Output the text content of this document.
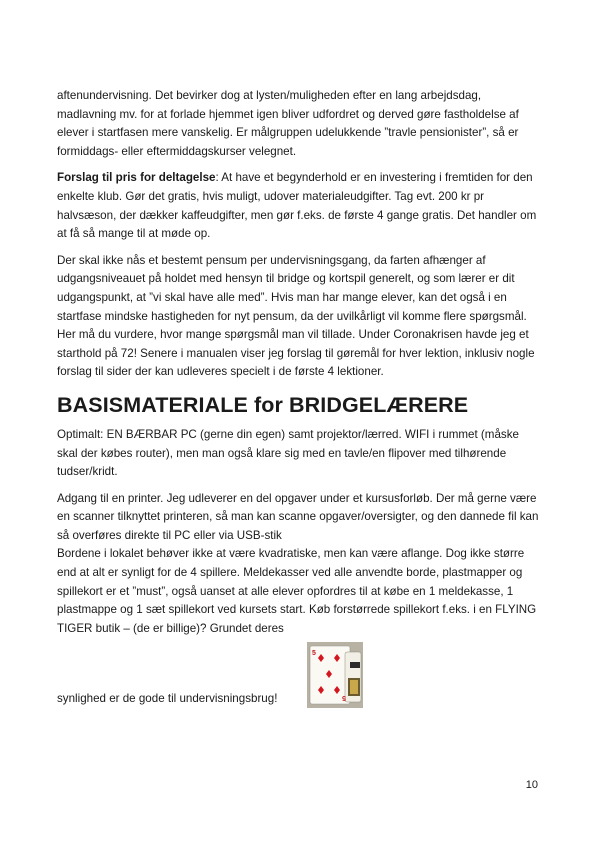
aftenundervisning. Det bevirker dog at lysten/muligheden efter en lang arbejdsdag, madlavning mv. for at forlade hjemmet igen bliver udfordret og derved gøre fastholdelse af elever i startfasen mere vanskelig. Er målgruppen udelukkende ”travle pensionister”, så er formiddags- eller eftermiddagskurser velegnet.

Forslag til pris for deltagelse: At have et begynderhold er en investering i fremtiden for den enkelte klub. Gør det gratis, hvis muligt, udover materialeudgifter. Tag evt. 200 kr pr halvsæson, der dækker kaffeudgifter, men gør f.eks. de første 4 gange gratis. Det handler om at få så mange til at møde op.

Der skal ikke nås et bestemt pensum per undervisningsgang, da farten afhænger af udgangsniveauet på holdet med hensyn til bridge og kortspil generelt, og som lærer er dit udgangspunkt, at ”vi skal have alle med”. Hvis man har mange elever, kan det også i en startfase mindske hastigheden for nyt pensum, da der uvilkårligt vil komme flere spørgsmål. Her må du vurdere, hvor mange spørgsmål man vil tillade. Under Coronakrisen havde jeg et starthold på 72! Senere i manualen viser jeg forslag til gøremål for hver lektion, inklusiv nogle forslag til sider der kan udleveres specielt i de første 4 lektioner.

BASISMATERIALE for BRIDGELÆRERE

Optimalt: EN BÆRBAR PC (gerne din egen) samt projektor/lærred. WIFI i rummet (måske skal der købes router), men man også klare sig med en tavle/en flipover med tilhørende tudser/kridt.

Adgang til en printer. Jeg udleverer en del opgaver under et kursusforløb. Der må gerne være en scanner tilknyttet printeren, så man kan scanne opgaver/oversigter, og den dannede fil kan så overføres direkte til PC eller via USB-stik

Bordene i lokalet behøver ikke at være kvadratiske, men kan være aflange. Dog ikke større end at alt er synligt for de 4 spillere. Meldekasser ved alle anvendte borde, plastmapper og spillekort er et ”must”, også uanset at alle elever opfordres til at købe en 1 meldekasse, 1 plastmappe og 1 sæt spillekort ved kursets start. Køb forstørrede spillekort f.eks. i en FLYING TIGER butik – (de er billige)? Grundet deres

synlighed er de gode til undervisningsbrug!
5
5
10
